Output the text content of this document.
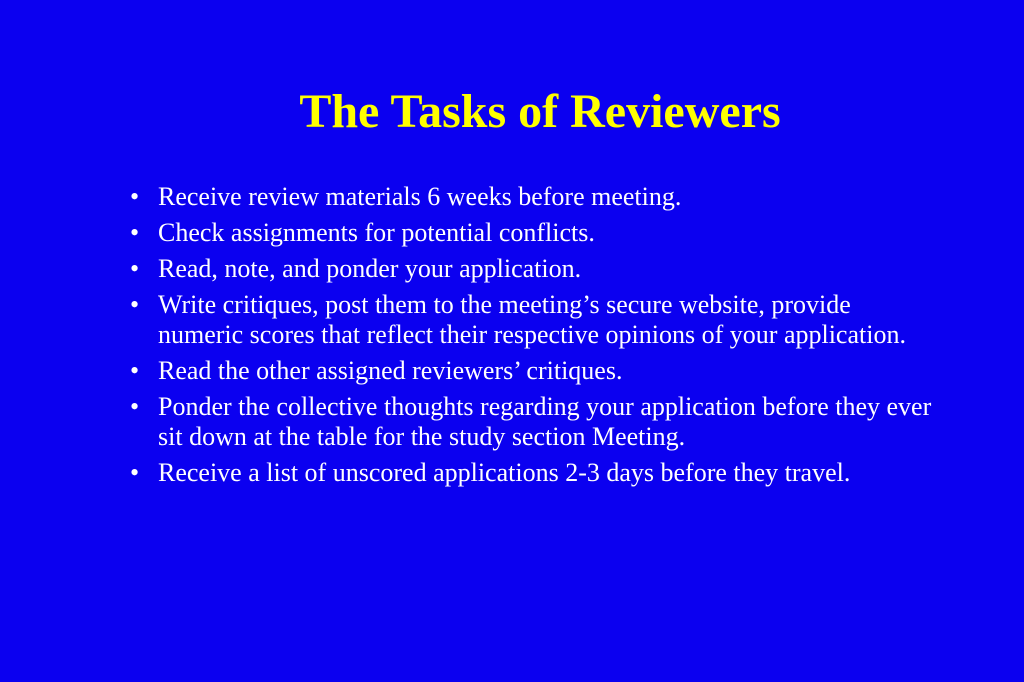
The Tasks of Reviewers
• Receive review materials 6 weeks before meeting.
• Check assignments for potential conflicts.
• Read, note, and ponder your application.
• Write critiques, post them to the meeting’s secure website, provide numeric scores that reflect their respective opinions of your application.
• Read the other assigned reviewers’ critiques.
• Ponder the collective thoughts regarding your application before they ever sit down at the table for the study section Meeting.
• Receive a list of unscored applications 2-3 days before they travel.
